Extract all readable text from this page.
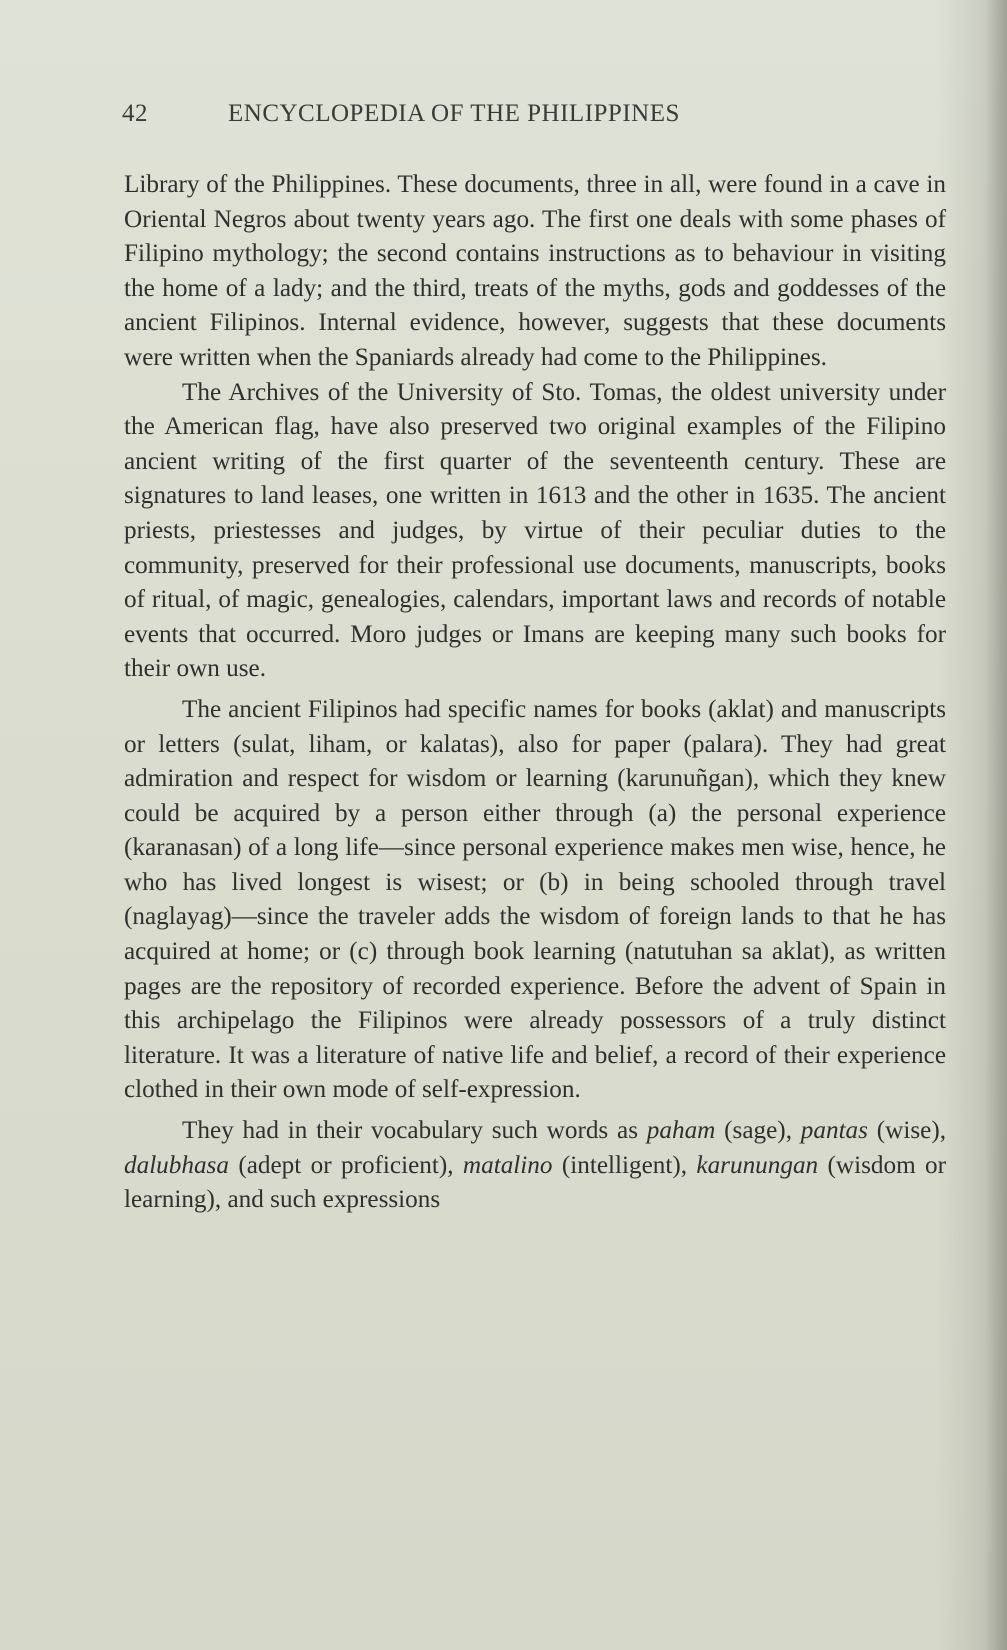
42	ENCYCLOPEDIA OF THE PHILIPPINES

Library of the Philippines. These documents, three in all, were found in a cave in Oriental Negros about twenty years ago. The first one deals with some phases of Filipino mythology; the second contains instructions as to behaviour in visiting the home of a lady; and the third, treats of the myths, gods and goddesses of the ancient Filipinos. Internal evidence, however, suggests that these documents were written when the Spaniards already had come to the Philippines.

The Archives of the University of Sto. Tomas, the oldest university under the American flag, have also preserved two original examples of the Filipino ancient writing of the first quarter of the seventeenth century. These are signatures to land leases, one written in 1613 and the other in 1635. The ancient priests, priestesses and judges, by virtue of their peculiar duties to the community, preserved for their professional use documents, manuscripts, books of ritual, of magic, genealogies, calendars, important laws and records of notable events that occurred. Moro judges or Imans are keeping many such books for their own use.

The ancient Filipinos had specific names for books (aklat) and manuscripts or letters (sulat, liham, or kalatas), also for paper (palara). They had great admiration and respect for wisdom or learning (karunuñgan), which they knew could be acquired by a person either through (a) the personal experience (karanasan) of a long life—since personal experience makes men wise, hence, he who has lived longest is wisest; or (b) in being schooled through travel (naglayag)—since the traveler adds the wisdom of foreign lands to that he has acquired at home; or (c) through book learning (natutuhan sa aklat), as written pages are the repository of recorded experience. Before the advent of Spain in this archipelago the Filipinos were already possessors of a truly distinct literature. It was a literature of native life and belief, a record of their experience clothed in their own mode of self-expression.

They had in their vocabulary such words as paham (sage), pantas (wise), dalubhasa (adept or proficient), matalino (intelligent), karunungan (wisdom or learning), and such expressions
